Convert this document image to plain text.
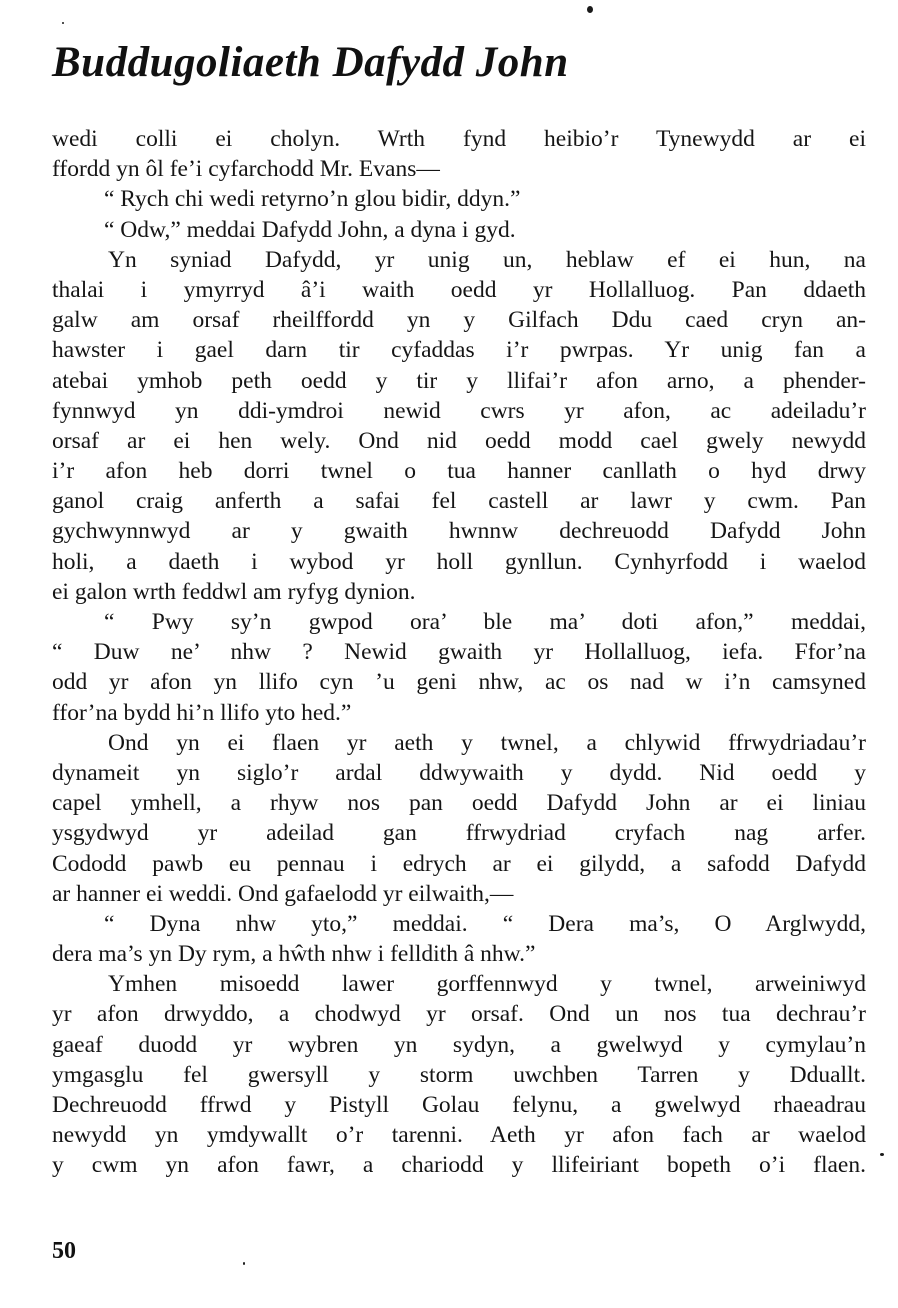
Buddugoliaeth Dafydd John
wedi colli ei cholyn. Wrth fynd heibio’r Tynewydd ar ei
ffordd yn ôl fe’i cyfarchodd Mr. Evans—
“ Rych chi wedi retyrno’n glou bidir, ddyn.”
“ Odw,” meddai Dafydd John, a dyna i gyd.
Yn syniad Dafydd, yr unig un, heblaw ef ei hun, na
thalai i ymyrryd â’i waith oedd yr Hollalluog. Pan ddaeth
galw am orsaf rheilffordd yn y Gilfach Ddu caed cryn an-
hawster i gael darn tir cyfaddas i’r pwrpas. Yr unig fan a
atebai ymhob peth oedd y tir y llifai’r afon arno, a phender-
fynnwyd yn ddi-ymdroi newid cwrs yr afon, ac adeiladu’r
orsaf ar ei hen wely. Ond nid oedd modd cael gwely newydd
i’r afon heb dorri twnel o tua hanner canllath o hyd drwy
ganol craig anferth a safai fel castell ar lawr y cwm. Pan
gychwynnwyd ar y gwaith hwnnw dechreuodd Dafydd John
holi, a daeth i wybod yr holl gynllun. Cynhyrfodd i waelod
ei galon wrth feddwl am ryfyg dynion.
“ Pwy sy’n gwpod ora’ ble ma’ doti afon,” meddai,
“ Duw ne’ nhw ? Newid gwaith yr Hollalluog, iefa. Ffor’na
odd yr afon yn llifo cyn ’u geni nhw, ac os nad w i’n camsyned
ffor’na bydd hi’n llifo yto hed.”
Ond yn ei flaen yr aeth y twnel, a chlywid ffrwydriadau’r
dynameit yn siglo’r ardal ddwywaith y dydd. Nid oedd y
capel ymhell, a rhyw nos pan oedd Dafydd John ar ei liniau
ysgydwyd yr adeilad gan ffrwydriad cryfach nag arfer.
Cododd pawb eu pennau i edrych ar ei gilydd, a safodd Dafydd
ar hanner ei weddi. Ond gafaelodd yr eilwaith,—
“ Dyna nhw yto,” meddai. “ Dera ma’s, O Arglwydd,
dera ma’s yn Dy rym, a hŵth nhw i felldith â nhw.”
Ymhen misoedd lawer gorffennwyd y twnel, arweiniwyd
yr afon drwyddo, a chodwyd yr orsaf. Ond un nos tua dechrau’r
gaeaf duodd yr wybren yn sydyn, a gwelwyd y cymylau’n
ymgasglu fel gwersyll y storm uwchben Tarren y Dduallt.
Dechreuodd ffrwd y Pistyll Golau felynu, a gwelwyd rhaeadrau
newydd yn ymdywallt o’r tarenni. Aeth yr afon fach ar waelod
y cwm yn afon fawr, a chariodd y llifeiriant bopeth o’i flaen.
50
